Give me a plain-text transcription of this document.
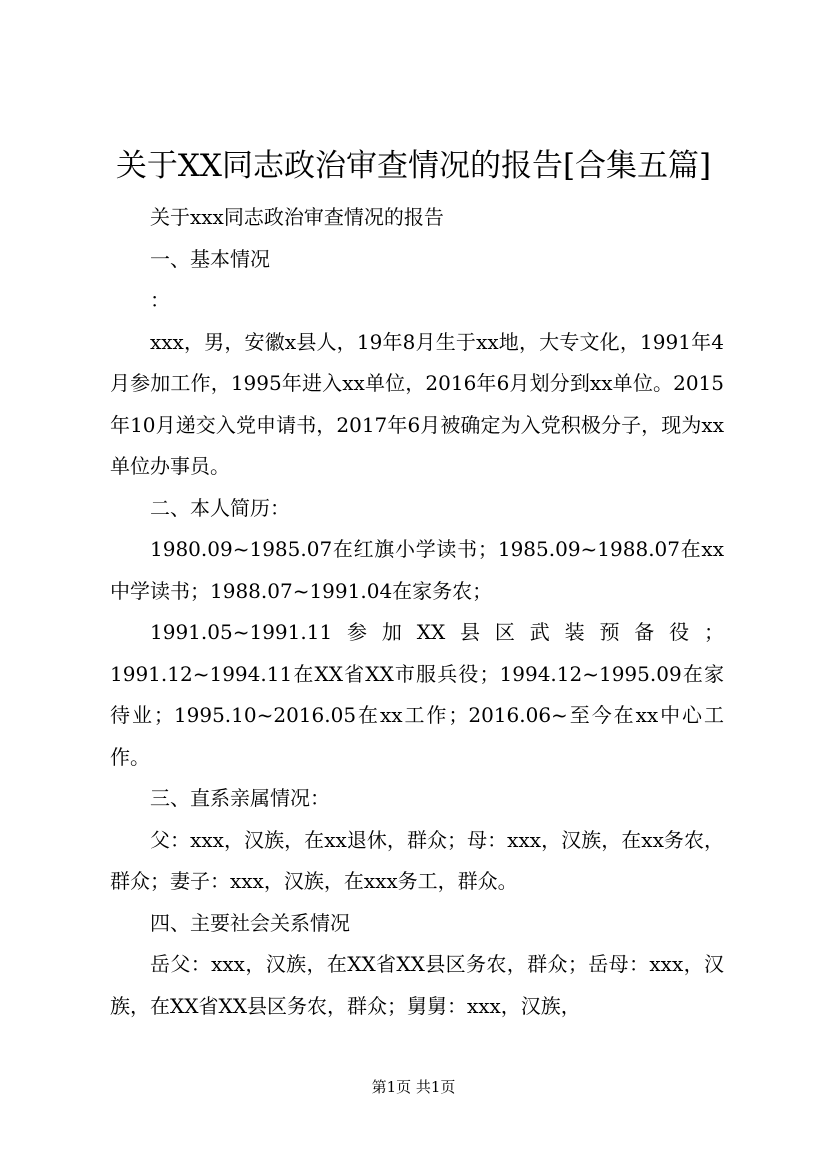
关于XX同志政治审查情况的报告[合集五篇]

关于xxx同志政治审查情况的报告

一、基本情况

：

xxx，男，安徽x县人，19年8月生于xx地，大专文化，1991年4月参加工作，1995年进入xx单位，2016年6月划分到xx单位。2015年10月递交入党申请书，2017年6月被确定为入党积极分子，现为xx单位办事员。

二、本人简历：

1980.09~1985.07在红旗小学读书；1985.09~1988.07在xx中学读书；1988.07~1991.04在家务农；

1991.05~1991.11参加XX县区武装预备役；1991.12~1994.11在XX省XX市服兵役；1994.12~1995.09在家待业；1995.10~2016.05在xx工作；2016.06~至今在xx中心工作。

三、直系亲属情况：

父：xxx，汉族，在xx退休，群众；母：xxx，汉族，在xx务农，群众；妻子：xxx，汉族，在xxx务工，群众。

四、主要社会关系情况

岳父：xxx，汉族，在XX省XX县区务农，群众；岳母：xxx，汉族，在XX省XX县区务农，群众；舅舅：xxx，汉族，

第1页 共1页
